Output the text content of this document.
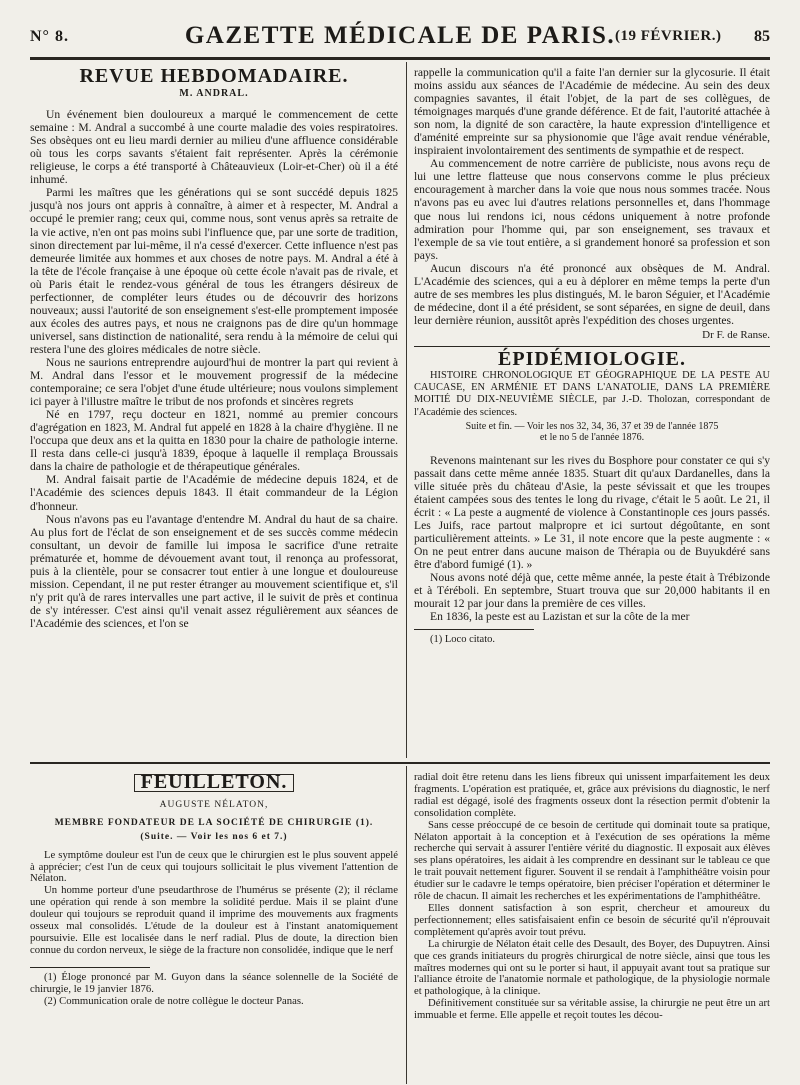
N° 8.	GAZETTE MÉDICALE DE PARIS. (19 FÉVRIER.) 85
REVUE HEBDOMADAIRE.
M. ANDRAL.

Un événement bien douloureux a marqué le commencement de cette semaine : M. Andral a succombé à une courte maladie des voies respiratoires. Ses obsèques ont eu lieu mardi dernier au milieu d'une affluence considérable où tous les corps savants s'étaient fait représenter. Après la cérémonie religieuse, le corps a été transporté à Châteauvieux (Loir-et-Cher) où il a été inhumé.

Parmi les maîtres que les générations qui se sont succédé depuis 1825 jusqu'à nos jours ont appris à connaître, à aimer et à respecter, M. Andral a occupé le premier rang; ceux qui, comme nous, sont venus après sa retraite de la vie active, n'en ont pas moins subi l'influence que, par une sorte de tradition, sinon directement par lui-même, il n'a cessé d'exercer. Cette influence n'est pas demeurée limitée aux hommes et aux choses de notre pays. M. Andral a été à la tête de l'école française à une époque où cette école n'avait pas de rivale, et où Paris était le rendez-vous général de tous les étrangers désireux de perfectionner, de compléter leurs études ou de découvrir des horizons nouveaux; aussi l'autorité de son enseignement s'est-elle promptement imposée aux écoles des autres pays, et nous ne craignons pas de dire qu'un hommage universel, sans distinction de nationalité, sera rendu à la mémoire de celui qui restera l'une des gloires médicales de notre siècle.

Nous ne saurions entreprendre aujourd'hui de montrer la part qui revient à M. Andral dans l'essor et le mouvement progressif de la médecine contemporaine; ce sera l'objet d'une étude ultérieure; nous voulons simplement ici payer à l'illustre maître le tribut de nos profonds et sincères regrets

Né en 1797, reçu docteur en 1821, nommé au premier concours d'agrégation en 1823, M. Andral fut appelé en 1828 à la chaire d'hygiène. Il ne l'occupa que deux ans et la quitta en 1830 pour la chaire de pathologie interne. Il resta dans celle-ci jusqu'à 1839, époque à laquelle il remplaça Broussais dans la chaire de pathologie et de thérapeutique générales.

M. Andral faisait partie de l'Académie de médecine depuis 1824, et de l'Académie des sciences depuis 1843. Il était commandeur de la Légion d'honneur.

Nous n'avons pas eu l'avantage d'entendre M. Andral du haut de sa chaire. Au plus fort de l'éclat de son enseignement et de ses succès comme médecin consultant, un devoir de famille lui imposa le sacrifice d'une retraite prématurée et, homme de dévouement avant tout, il renonça au professorat, puis à la clientèle, pour se consacrer tout entier à une longue et douloureuse mission. Cependant, il ne put rester étranger au mouvement scientifique et, s'il n'y prit qu'à de rares intervalles une part active, il le suivit de près et continua de s'y intéresser. C'est ainsi qu'il venait assez régulièrement aux séances de l'Académie des sciences, et l'on se

rappelle la communication qu'il a faite l'an dernier sur la glycosurie. Il était moins assidu aux séances de l'Académie de médecine. Au sein des deux compagnies savantes, il était l'objet, de la part de ses collègues, de témoignages marqués d'une grande déférence. Et de fait, l'autorité attachée à son nom, la dignité de son caractère, la haute expression d'intelligence et d'aménité empreinte sur sa physionomie que l'âge avait rendue vénérable, inspiraient involontairement des sentiments de sympathie et de respect.

Au commencement de notre carrière de publiciste, nous avons reçu de lui une lettre flatteuse que nous conservons comme le plus précieux encouragement à marcher dans la voie que nous nous sommes tracée. Nous n'avons pas eu avec lui d'autres relations personnelles et, dans l'hommage que nous lui rendons ici, nous cédons uniquement à notre profonde admiration pour l'homme qui, par son enseignement, ses travaux et l'exemple de sa vie tout entière, a si grandement honoré sa profession et son pays.

Aucun discours n'a été prononcé aux obsèques de M. Andral. L'Académie des sciences, qui a eu à déplorer en même temps la perte d'un autre de ses membres les plus distingués, M. le baron Séguier, et l'Académie de médecine, dont il a été président, se sont séparées, en signe de deuil, dans leur dernière réunion, aussitôt après l'expédition des choses urgentes.

Dr F. de Ranse.
ÉPIDÉMIOLOGIE.

HISTOIRE CHRONOLOGIQUE ET GÉOGRAPHIQUE DE LA PESTE AU CAUCASE, EN ARMÉNIE ET DANS L'ANATOLIE, DANS LA PREMIÈRE MOITIÉ DU DIX-NEUVIÈME SIÈCLE, par J.-D. Tholozan, correspondant de l'Académie des sciences.

Suite et fin. — Voir les nos 32, 34, 36, 37 et 39 de l'année 1875
et le no 5 de l'année 1876.

Revenons maintenant sur les rives du Bosphore pour constater ce qui s'y passait dans cette même année 1835. Stuart dit qu'aux Dardanelles, dans la ville située près du château d'Asie, la peste sévissait et que les troupes étaient campées sous des tentes le long du rivage, c'était le 5 août. Le 21, il écrit : « La peste a augmenté de violence à Constantinople ces jours passés. Les Juifs, race partout malpropre et ici surtout dégoûtante, en sont particulièrement atteints. » Le 31, il note encore que la peste augmente : « On ne peut entrer dans aucune maison de Thérapia ou de Buyukdéré sans être d'abord fumigé (1). »

Nous avons noté déjà que, cette même année, la peste était à Trébizonde et à Téréboli. En septembre, Stuart trouva que sur 20,000 habitants il en mourait 12 par jour dans la première de ces villes.

En 1836, la peste est au Lazistan et sur la côte de la mer

(1) Loco citato.

FEUILLETON.
AUGUSTE NÉLATON,
MEMBRE FONDATEUR DE LA SOCIÉTÉ DE CHIRURGIE (1).
(Suite. — Voir les nos 6 et 7.)

Le symptôme douleur est l'un de ceux que le chirurgien est le plus souvent appelé à apprécier; c'est l'un de ceux qui toujours sollicitait le plus vivement l'attention de Nélaton.

Un homme porteur d'une pseudarthrose de l'humérus se présente (2); il réclame une opération qui rende à son membre la solidité perdue. Mais il se plaint d'une douleur qui toujours se reproduit quand il imprime des mouvements aux fragments osseux mal consolidés. L'étude de la douleur est à l'instant anatomiquement poursuivie. Elle est localisée dans le nerf radial. Plus de doute, la direction bien connue du cordon nerveux, le siège de la fracture non consolidée, indique que le nerf

(1) Éloge prononcé par M. Guyon dans la séance solennelle de la Société de chirurgie, le 19 janvier 1876.

(2) Communication orale de notre collègue le docteur Panas.

radial doit être retenu dans les liens fibreux qui unissent imparfaitement les deux fragments. L'opération est pratiquée, et, grâce aux prévisions du diagnostic, le nerf radial est dégagé, isolé des fragments osseux dont la résection permit d'obtenir la consolidation complète.

Sans cesse préoccupé de ce besoin de certitude qui dominait toute sa pratique, Nélaton apportait à la conception et à l'exécution de ses opérations la même recherche qui servait à assurer l'entière vérité du diagnostic. Il exposait aux élèves ses plans opératoires, les aidait à les comprendre en dessinant sur le tableau ce que le trait pouvait nettement figurer. Souvent il se rendait à l'amphithéâtre voisin pour étudier sur le cadavre le temps opératoire, bien préciser l'opération et déterminer le rôle de chacun. Il aimait les recherches et les expérimentations de l'amphithéâtre.

Elles donnent satisfaction à son esprit, chercheur et amoureux du perfectionnement; elles satisfaisaient enfin ce besoin de sécurité qu'il n'éprouvait complètement qu'après avoir tout prévu.

La chirurgie de Nélaton était celle des Desault, des Boyer, des Dupuytren. Ainsi que ces grands initiateurs du progrès chirurgical de notre siècle, ainsi que tous les maîtres modernes qui ont su le porter si haut, il appuyait avant tout sa pratique sur l'alliance étroite de l'anatomie normale et pathologique, de la physiologie normale et pathologique, à la clinique.

Définitivement constituée sur sa véritable assise, la chirurgie ne peut être un art immuable et ferme. Elle appelle et reçoit toutes les décou-
